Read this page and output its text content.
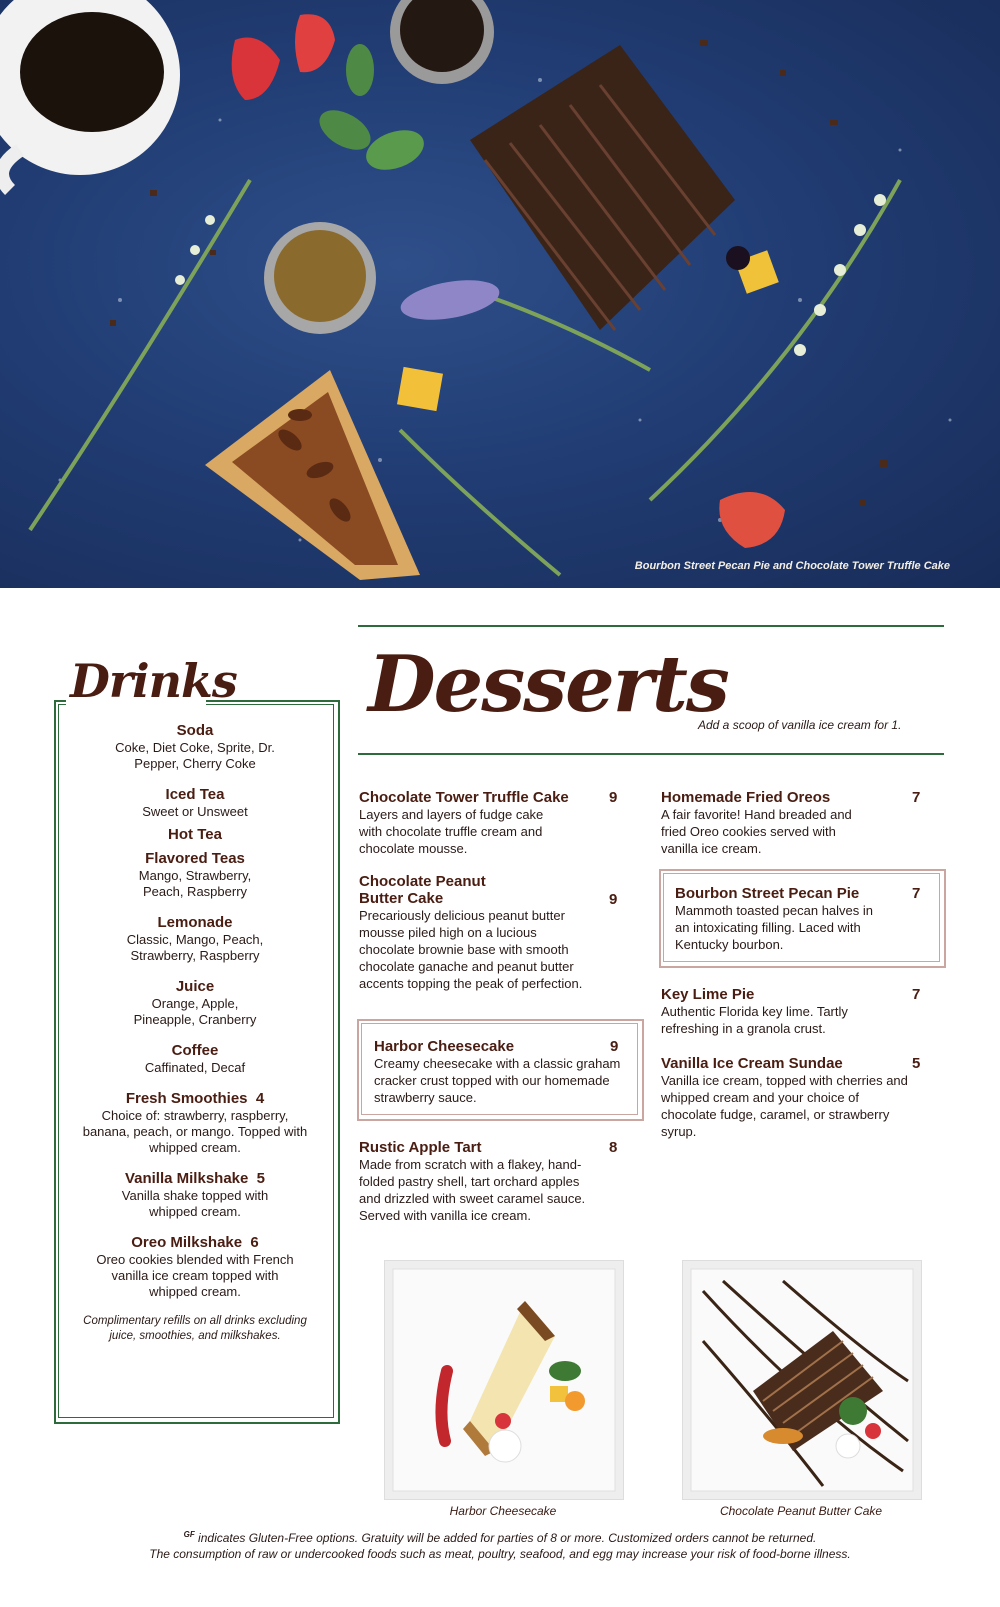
Bourbon Street Pecan Pie and Chocolate Tower Truffle Cake
Drinks
Soda
Coke, Diet Coke, Sprite, Dr. Pepper, Cherry Coke
Iced Tea
Sweet or Unsweet
Hot Tea
Flavored Teas
Mango, Strawberry, Peach, Raspberry
Lemonade
Classic, Mango, Peach, Strawberry, Raspberry
Juice
Orange, Apple, Pineapple, Cranberry
Coffee
Caffinated, Decaf
Fresh Smoothies  4
Choice of: strawberry, raspberry, banana, peach, or mango. Topped with whipped cream.
Vanilla Milkshake  5
Vanilla shake topped with whipped cream.
Oreo Milkshake  6
Oreo cookies blended with French vanilla ice cream topped with whipped cream.
Complimentary refills on all drinks excluding juice, smoothies, and milkshakes.
Desserts
Add a scoop of vanilla ice cream for 1.
Chocolate Tower Truffle Cake
Layers and layers of fudge cake with chocolate truffle cream and chocolate mousse.
9
Chocolate Peanut Butter Cake
Precariously delicious peanut butter mousse piled high on a lucious chocolate brownie base with smooth chocolate ganache and peanut butter accents topping the peak of perfection.
9
Harbor Cheesecake
Creamy cheesecake with a classic graham cracker crust topped with our homemade strawberry sauce.
9
Rustic Apple Tart
Made from scratch with a flakey, hand-folded pastry shell, tart orchard apples and drizzled with sweet caramel sauce. Served with vanilla ice cream.
8
Homemade Fried Oreos
A fair favorite! Hand breaded and fried Oreo cookies served with vanilla ice cream.
7
Bourbon Street Pecan Pie
Mammoth toasted pecan halves in an intoxicating filling. Laced with Kentucky bourbon.
7
Key Lime Pie
Authentic Florida key lime. Tartly refreshing in a granola crust.
7
Vanilla Ice Cream Sundae
Vanilla ice cream, topped with cherries and whipped cream and your choice of chocolate fudge, caramel, or strawberry syrup.
5
Harbor Cheesecake	Chocolate Peanut Butter Cake
$^{GF}$ indicates Gluten-Free options. Gratuity will be added for parties of 8 or more. Customized orders cannot be returned.
The consumption of raw or undercooked foods such as meat, poultry, seafood, and egg may increase your risk of food-borne illness.
